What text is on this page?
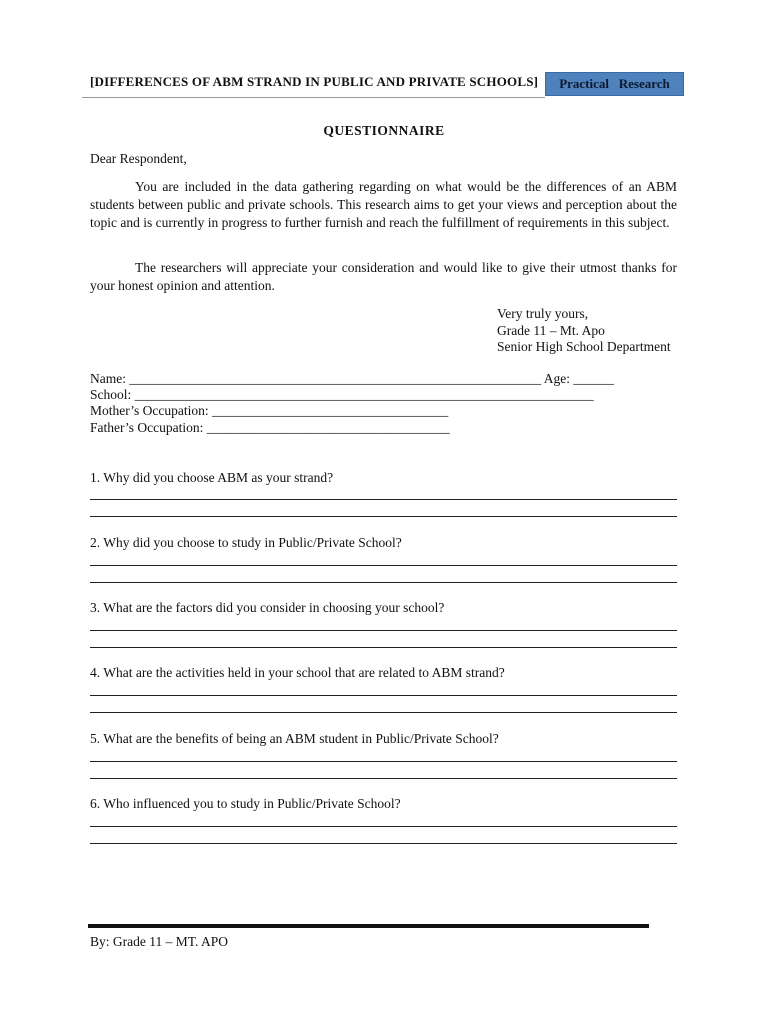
[DIFFERENCES OF ABM STRAND IN PUBLIC AND PRIVATE SCHOOLS]	Practical   Research
QUESTIONNAIRE
Dear Respondent,
You are included in the data gathering regarding on what would be the differences of an ABM students between public and private schools. This research aims to get your views and perception about the topic and is currently in progress to further furnish and reach the fulfillment of requirements in this subject.
The researchers will appreciate your consideration and would like to give their utmost thanks for your honest opinion and attention.
Very truly yours,
Grade 11 – Mt. Apo
Senior High School Department
Name: _____________________________________________________________ Age: ______
School: ____________________________________________________________________
Mother’s Occupation: ___________________________________
Father’s Occupation: ____________________________________
1. Why did you choose ABM as your strand?
2. Why did you choose to study in Public/Private School?
3. What are the factors did you consider in choosing your school?
4. What are the activities held in your school that are related to ABM strand?
5. What are the benefits of being an ABM student in Public/Private School?
6. Who influenced you to study in Public/Private School?
By: Grade 11 – MT. APO
